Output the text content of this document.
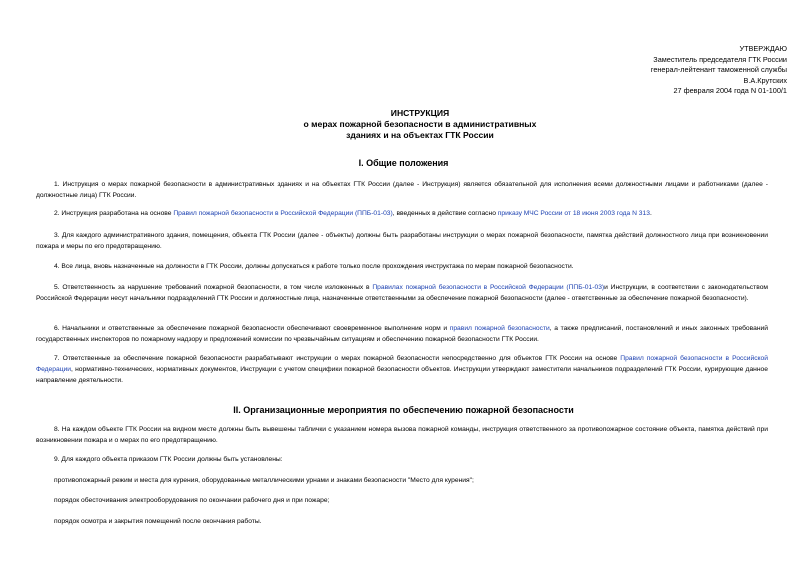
УТВЕРЖДАЮ
Заместитель председателя ГТК России
генерал-лейтенант таможенной службы
В.А.Крутских
27 февраля 2004 года N 01-100/1
ИНСТРУКЦИЯ
о мерах пожарной безопасности в административных
зданиях и на объектах ГТК России
I. Общие положения

1. Инструкция о мерах пожарной безопасности в административных зданиях и на объектах ГТК России (далее - Инструкция) является обязательной для исполнения всеми должностными лицами и работниками (далее - должностные лица) ГТК России.

2. Инструкция разработана на основе Правил пожарной безопасности в Российской Федерации (ППБ-01-03), введенных в действие согласно приказу МЧС России от 18 июня 2003 года N 313.

3. Для каждого административного здания, помещения, объекта ГТК России (далее - объекты) должны быть разработаны инструкции о мерах пожарной безопасности, памятка действий должностного лица при возникновении пожара и меры по его предотвращению.

4. Все лица, вновь назначенные на должности в ГТК России, должны допускаться к работе только после прохождения инструктажа по мерам пожарной безопасности.

5. Ответственность за нарушение требований пожарной безопасности, в том числе изложенных в Правилах пожарной безопасности в Российской Федерации (ППБ-01-03)и Инструкции, в соответствии с законодательством Российской Федерации несут начальники подразделений ГТК России и должностные лица, назначенные ответственными за обеспечение пожарной безопасности (далее - ответственные за обеспечение пожарной безопасности).

6. Начальники и ответственные за обеспечение пожарной безопасности обеспечивают своевременное выполнение норм и правил пожарной безопасности, а также предписаний, постановлений и иных законных требований государственных инспекторов по пожарному надзору и предложений комиссии по чрезвычайным ситуациям и обеспечению пожарной безопасности ГТК России.

7. Ответственные за обеспечение пожарной безопасности разрабатывают инструкции о мерах пожарной безопасности непосредственно для объектов ГТК России на основе Правил пожарной безопасности в Российской Федерации, нормативно-технических, нормативных документов, Инструкции с учетом специфики пожарной безопасности объектов. Инструкции утверждают заместители начальников подразделений ГТК России, курирующие данное направление деятельности.

II. Организационные мероприятия по обеспечению пожарной безопасности

8. На каждом объекте ГТК России на видном месте должны быть вывешены таблички с указанием номера вызова пожарной команды, инструкция ответственного за противопожарное состояние объекта, памятка действий при возникновении пожара и о мерах по его предотвращению.

9. Для каждого объекта приказом ГТК России должны быть установлены:

противопожарный режим и места для курения, оборудованные металлическими урнами и знаками безопасности "Место для курения";

порядок обесточивания электрооборудования по окончании рабочего дня и при пожаре;

порядок осмотра и закрытия помещений после окончания работы.
